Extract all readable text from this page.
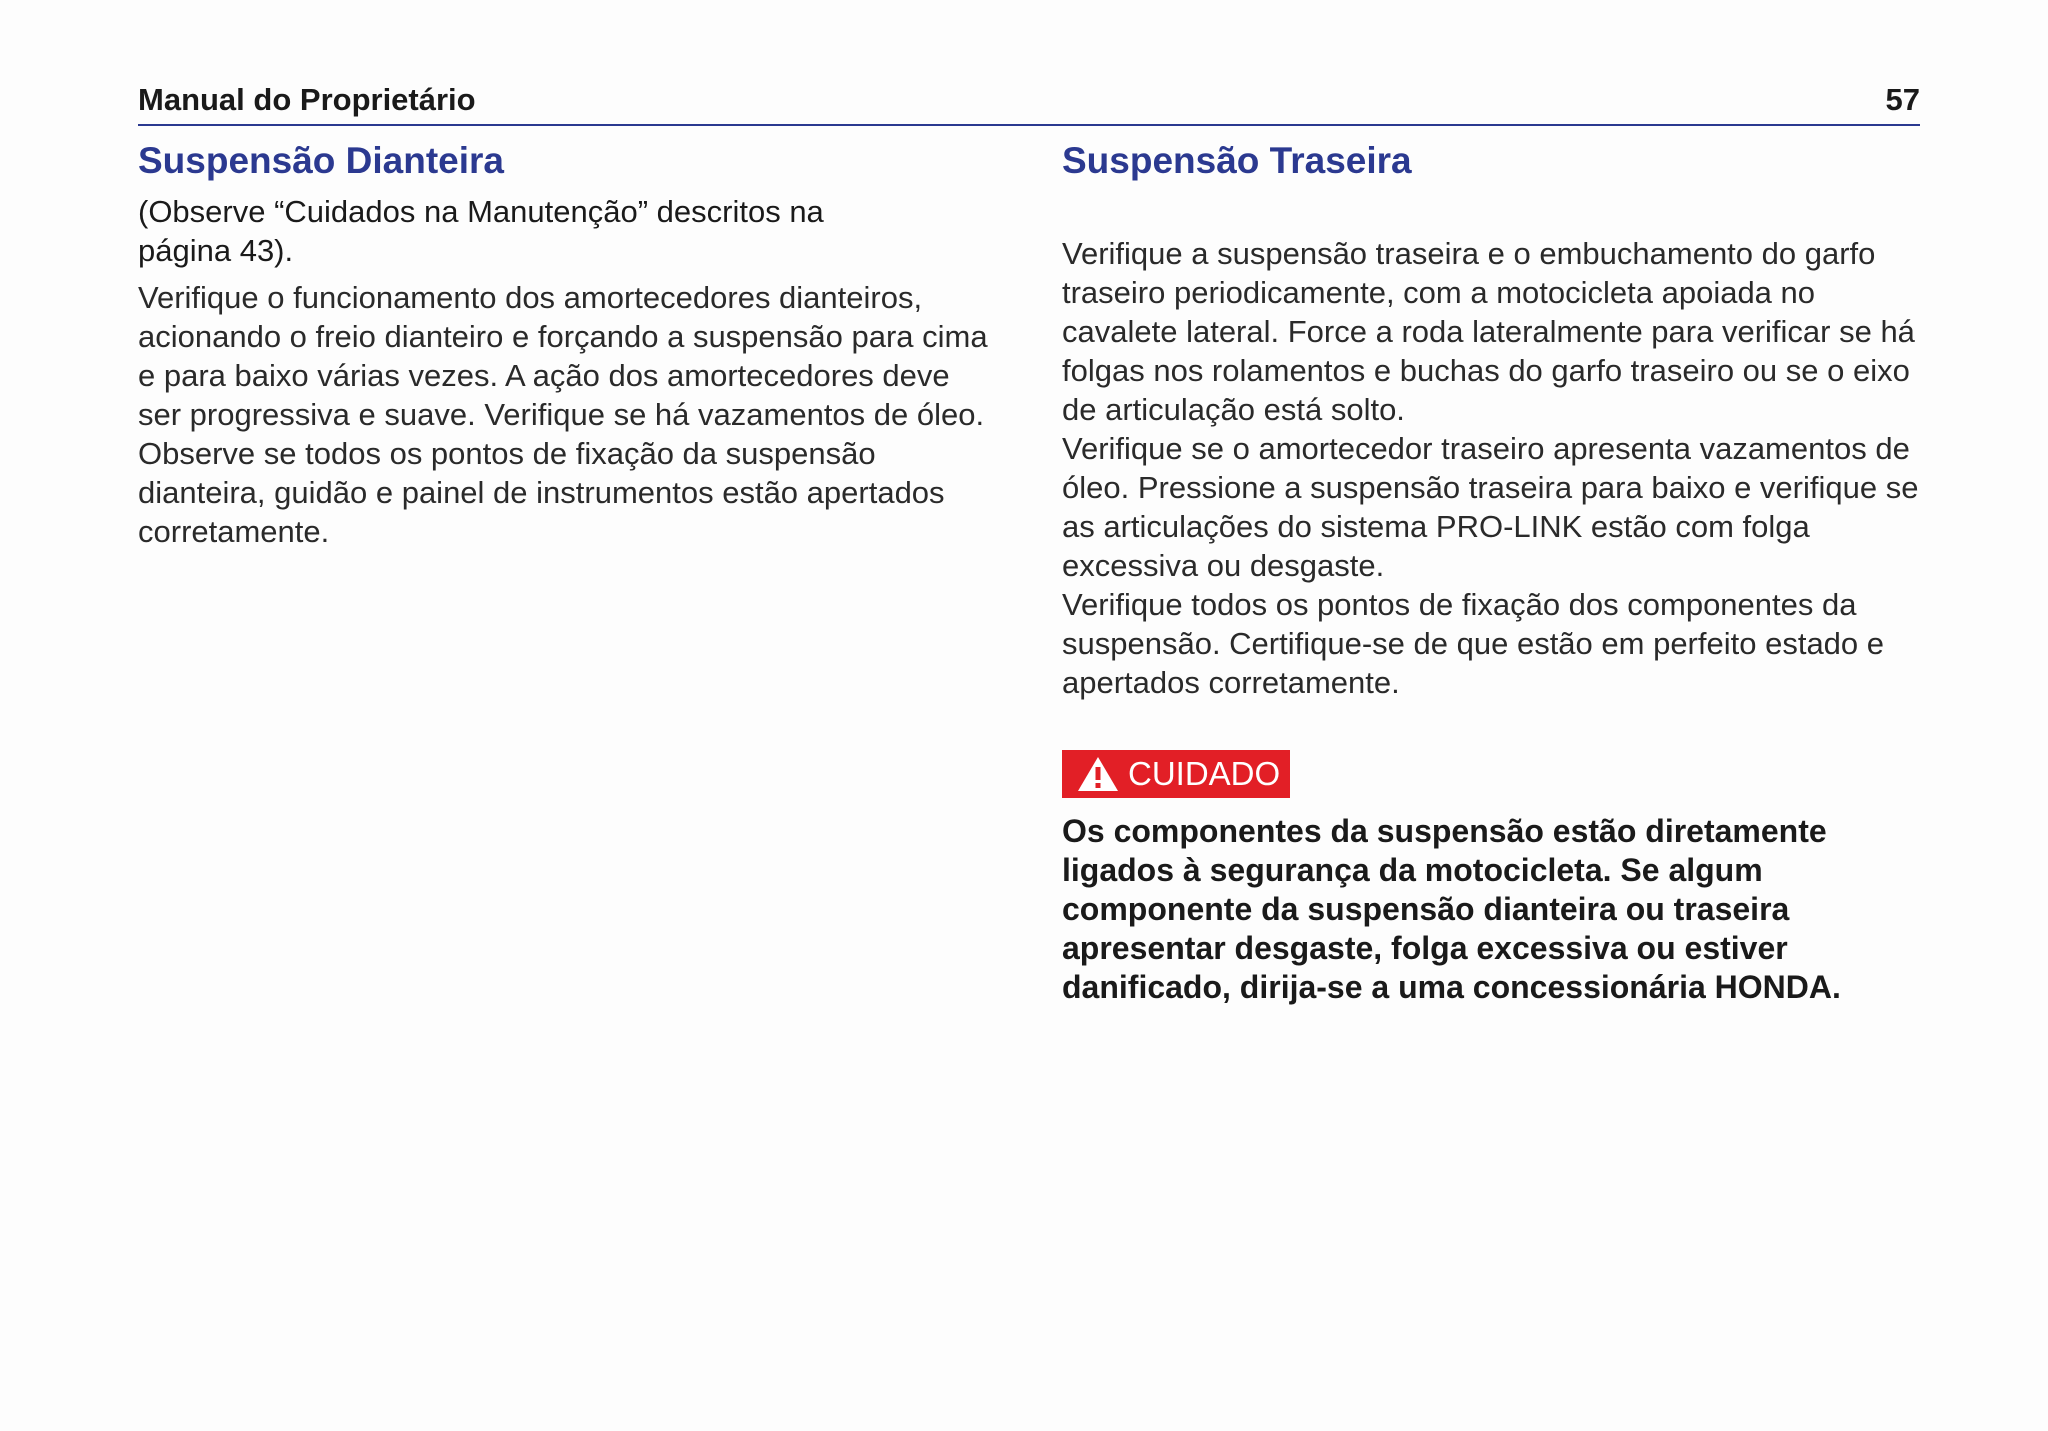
Manual do Proprietário	57
Suspensão Dianteira

(Observe “Cuidados na Manutenção” descritos na
página 43).

Verifique o funcionamento dos amortecedores dianteiros, acionando o freio dianteiro e forçando a suspensão para cima e para baixo várias vezes. A ação dos amortecedores deve ser progressiva e suave. Verifique se há vazamentos de óleo. Observe se todos os pontos de fixação da suspensão dianteira, guidão e painel de instrumentos estão apertados corretamente.

Suspensão Traseira

Verifique a suspensão traseira e o embuchamento do garfo traseiro periodicamente, com a motocicleta apoiada no cavalete lateral. Force a roda lateralmente para verificar se há folgas nos rolamentos e buchas do garfo traseiro ou se o eixo de articulação está solto.

Verifique se o amortecedor traseiro apresenta vazamentos de óleo. Pressione a suspensão traseira para baixo e verifique se as articulações do sistema PRO-LINK estão com folga excessiva ou desgaste.

Verifique todos os pontos de fixação dos componentes da suspensão. Certifique-se de que estão em perfeito estado e apertados corretamente.

CUIDADO

Os componentes da suspensão estão diretamente ligados à segurança da motocicleta. Se algum componente da suspensão dianteira ou traseira apresentar desgaste, folga excessiva ou estiver danificado, dirija-se a uma concessionária HONDA.
